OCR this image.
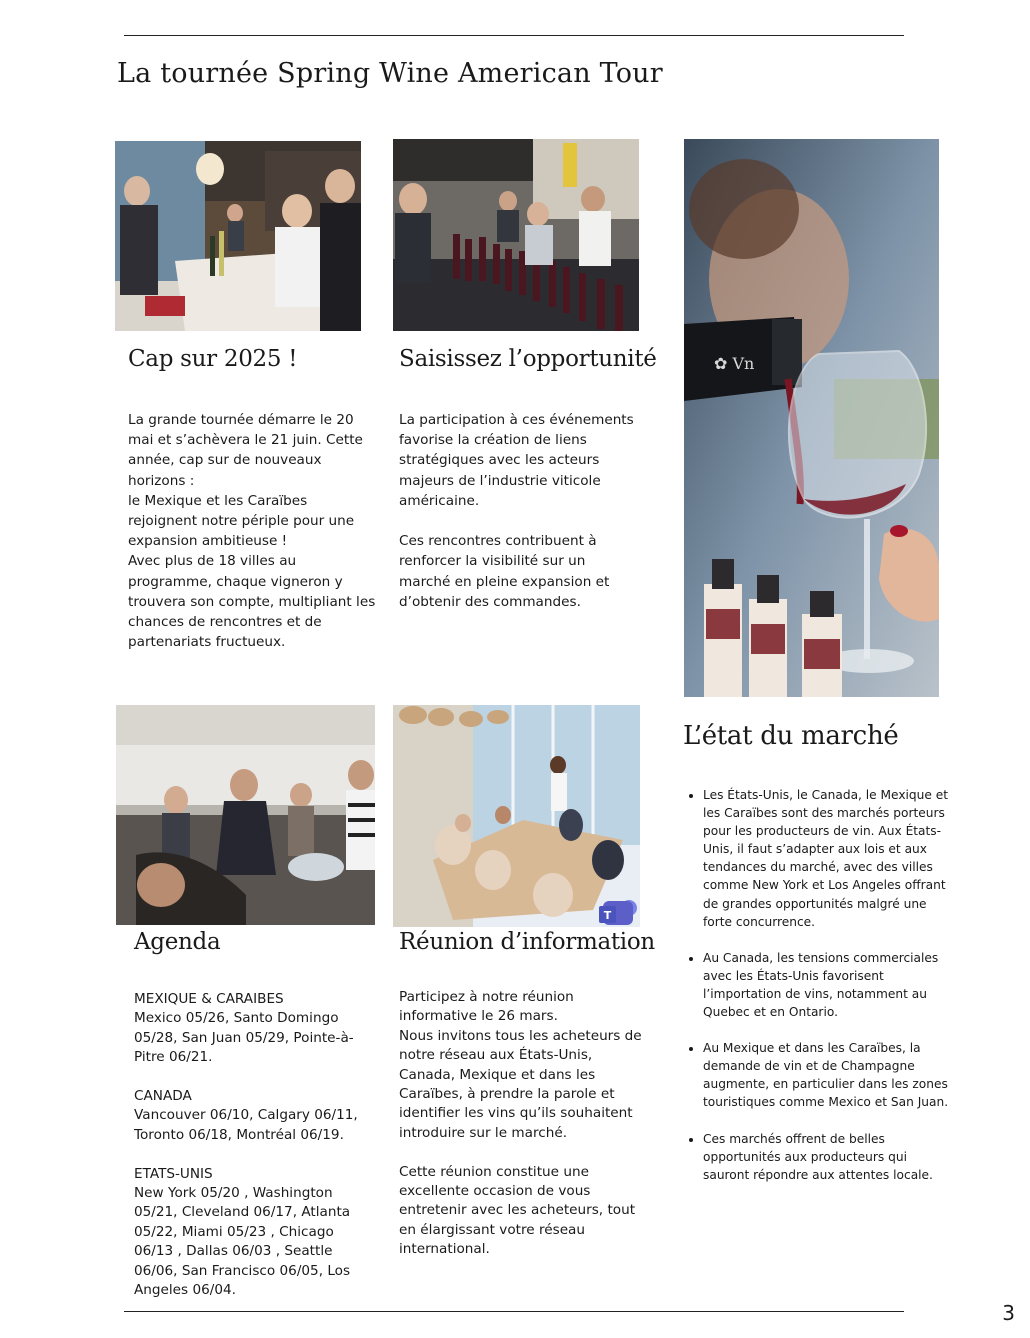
La tournée Spring Wine American Tour
✿ Vn
T
Cap sur 2025 !	Saisissez l’opportunité
Agenda	Réunion d’information
L’état du marché

La grande tournée démarre le 20 mai et s’achèvera le 21 juin. Cette année, cap sur de nouveaux horizons :
le Mexique et les Caraïbes rejoignent notre périple pour une expansion ambitieuse !
Avec plus de 18 villes au programme, chaque vigneron y trouvera son compte, multipliant les chances de rencontres et de partenariats fructueux.

La participation à ces événements favorise la création de liens stratégiques avec les acteurs majeurs de l’industrie viticole américaine.

Ces rencontres contribuent à renforcer la visibilité sur un marché en pleine expansion et d’obtenir des commandes.

MEXIQUE & CARAIBES
Mexico 05/26, Santo Domingo 05/28, San Juan 05/29, Pointe-à-Pitre 06/21.

CANADA
Vancouver 06/10, Calgary 06/11, Toronto 06/18, Montréal 06/19.

ETATS-UNIS
New York 05/20 , Washington 05/21, Cleveland 06/17, Atlanta 05/22, Miami 05/23 , Chicago 06/13 , Dallas 06/03 , Seattle 06/06, San Francisco 06/05, Los Angeles 06/04.

Participez à notre réunion informative le 26 mars.
Nous invitons tous les acheteurs de notre réseau aux États-Unis, Canada, Mexique et dans les Caraïbes, à prendre la parole et identifier les vins qu’ils souhaitent introduire sur le marché.

Cette réunion constitue une excellente occasion de vous entretenir avec les acheteurs, tout en élargissant votre réseau international.

• Les États-Unis, le Canada, le Mexique et les Caraïbes sont des marchés porteurs pour les producteurs de vin. Aux États-Unis, il faut s’adapter aux lois et aux tendances du marché, avec des villes comme New York et Los Angeles offrant de grandes opportunités malgré une forte concurrence.
• Au Canada, les tensions commerciales avec les États-Unis favorisent l’importation de vins, notamment au Quebec et en Ontario.
• Au Mexique et dans les Caraïbes, la demande de vin et de Champagne augmente, en particulier dans les zones touristiques comme Mexico et San Juan.
• Ces marchés offrent de belles opportunités aux producteurs qui sauront répondre aux attentes locale.
3
